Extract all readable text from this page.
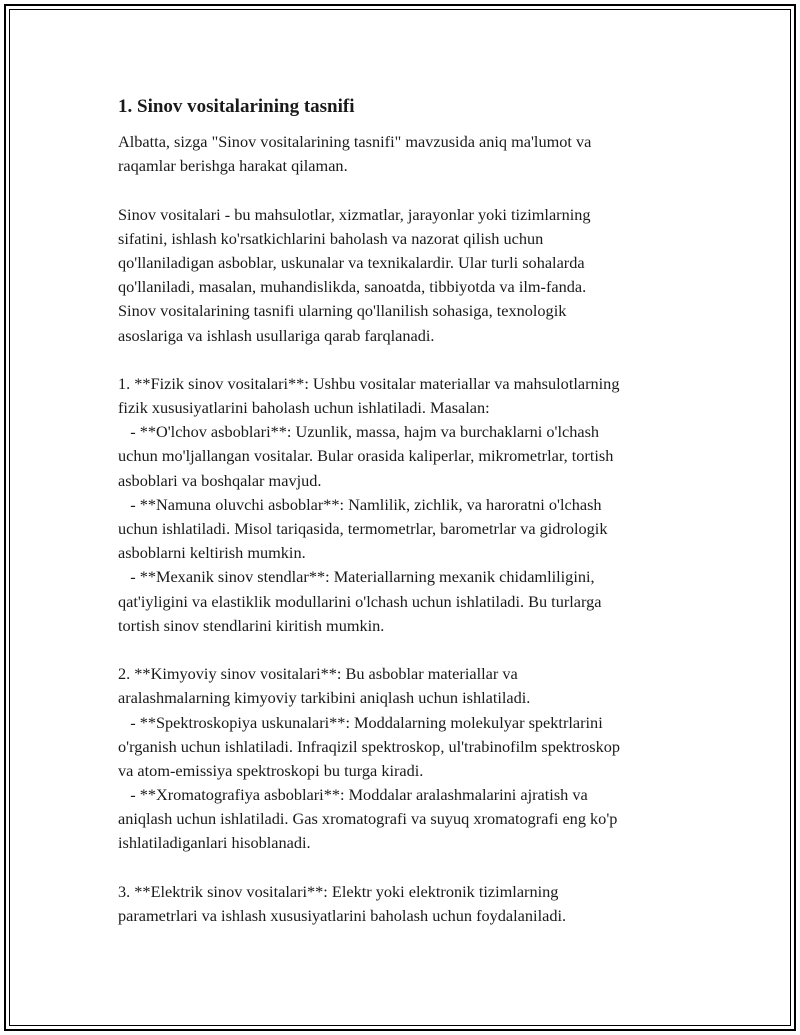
1. Sinov vositalarining tasnifi
Albatta, sizga "Sinov vositalarining tasnifi" mavzusida aniq ma'lumot va
raqamlar berishga harakat qilaman.
Sinov vositalari - bu mahsulotlar, xizmatlar, jarayonlar yoki tizimlarning
sifatini, ishlash ko'rsatkichlarini baholash va nazorat qilish uchun
qo'llaniladigan asboblar, uskunalar va texnikalardir. Ular turli sohalarda
qo'llaniladi, masalan, muhandislikda, sanoatda, tibbiyotda va ilm-fanda.
Sinov vositalarining tasnifi ularning qo'llanilish sohasiga, texnologik
asoslariga va ishlash usullariga qarab farqlanadi.
1. **Fizik sinov vositalari**: Ushbu vositalar materiallar va mahsulotlarning
fizik xususiyatlarini baholash uchun ishlatiladi. Masalan:
- **O'lchov asboblari**: Uzunlik, massa, hajm va burchaklarni o'lchash
uchun mo'ljallangan vositalar. Bular orasida kaliperlar, mikrometrlar, tortish
asboblari va boshqalar mavjud.
- **Namuna oluvchi asboblar**: Namlilik, zichlik, va haroratni o'lchash
uchun ishlatiladi. Misol tariqasida, termometrlar, barometrlar va gidrologik
asboblarni keltirish mumkin.
- **Mexanik sinov stendlar**: Materiallarning mexanik chidamliligini,
qat'iyligini va elastiklik modullarini o'lchash uchun ishlatiladi. Bu turlarga
tortish sinov stendlarini kiritish mumkin.
2. **Kimyoviy sinov vositalari**: Bu asboblar materiallar va
aralashmalarning kimyoviy tarkibini aniqlash uchun ishlatiladi.
- **Spektroskopiya uskunalari**: Moddalarning molekulyar spektrlarini
o'rganish uchun ishlatiladi. Infraqizil spektroskop, ul'trabinofilm spektroskop
va atom-emissiya spektroskopi bu turga kiradi.
- **Xromatografiya asboblari**: Moddalar aralashmalarini ajratish va
aniqlash uchun ishlatiladi. Gas xromatografi va suyuq xromatografi eng ko'p
ishlatiladiganlari hisoblanadi.
3. **Elektrik sinov vositalari**: Elektr yoki elektronik tizimlarning
parametrlari va ishlash xususiyatlarini baholash uchun foydalaniladi.
